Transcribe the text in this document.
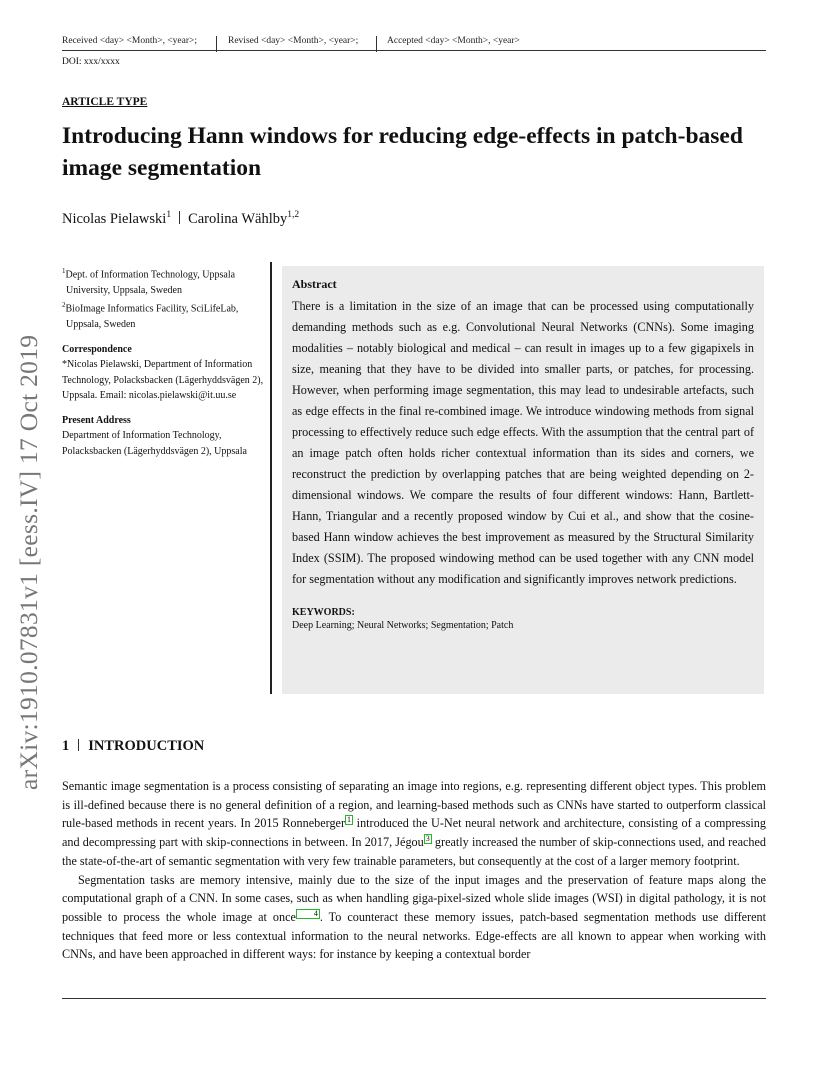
Received <day> <Month>, <year>;	Revised <day> <Month>, <year>;	Accepted <day> <Month>, <year>
DOI: xxx/xxxx
ARTICLE TYPE
Introducing Hann windows for reducing edge-effects in patch-based image segmentation
Nicolas Pielawski$^1$ Carolina Wählby$^{1,2}$
arXiv:1910.07831v1 [eess.IV] 17 Oct 2019
$^1$Dept. of Information Technology, Uppsala University, Uppsala, Sweden
$^2$BioImage Informatics Facility, SciLifeLab, Uppsala, Sweden
Correspondence
*Nicolas Pielawski, Department of Information Technology, Polacksbacken (Lägerhyddsvägen 2), Uppsala. Email: nicolas.pielawski@it.uu.se
Present Address
Department of Information Technology, Polacksbacken (Lägerhyddsvägen 2), Uppsala
Abstract
There is a limitation in the size of an image that can be processed using computationally demanding methods such as e.g. Convolutional Neural Networks (CNNs). Some imaging modalities – notably biological and medical – can result in images up to a few gigapixels in size, meaning that they have to be divided into smaller parts, or patches, for processing. However, when performing image segmentation, this may lead to undesirable artefacts, such as edge effects in the final re-combined image. We introduce windowing methods from signal processing to effectively reduce such edge effects. With the assumption that the central part of an image patch often holds richer contextual information than its sides and corners, we reconstruct the prediction by overlapping patches that are being weighted depending on 2-dimensional windows. We compare the results of four different windows: Hann, Bartlett-Hann, Triangular and a recently proposed window by Cui et al., and show that the cosine-based Hann window achieves the best improvement as measured by the Structural Similarity Index (SSIM). The proposed windowing method can be used together with any CNN model for segmentation without any modification and significantly improves network predictions.
KEYWORDS:
Deep Learning; Neural Networks; Segmentation; Patch
1 INTRODUCTION

Semantic image segmentation is a process consisting of separating an image into regions, e.g. representing different object types. This problem is ill-defined because there is no general definition of a region, and learning-based methods such as CNNs have started to outperform classical rule-based methods in recent years. In 2015 Ronneberger 1 introduced the U-Net neural network and architecture, consisting of a compressing and decompressing part with skip-connections in between. In 2017, Jégou 3 greatly increased the number of skip-connections used, and reached the state-of-the-art of semantic segmentation with very few trainable parameters, but consequently at the cost of a larger memory footprint.

Segmentation tasks are memory intensive, mainly due to the size of the input images and the preservation of feature maps along the computational graph of a CNN. In some cases, such as when handling giga-pixel-sized whole slide images (WSI) in digital pathology, it is not possible to process the whole image at once 4 . To counteract these memory issues, patch-based segmentation methods use different techniques that feed more or less contextual information to the neural networks. Edge-effects are all known to appear when working with CNNs, and have been approached in different ways: for instance by keeping a contextual border
